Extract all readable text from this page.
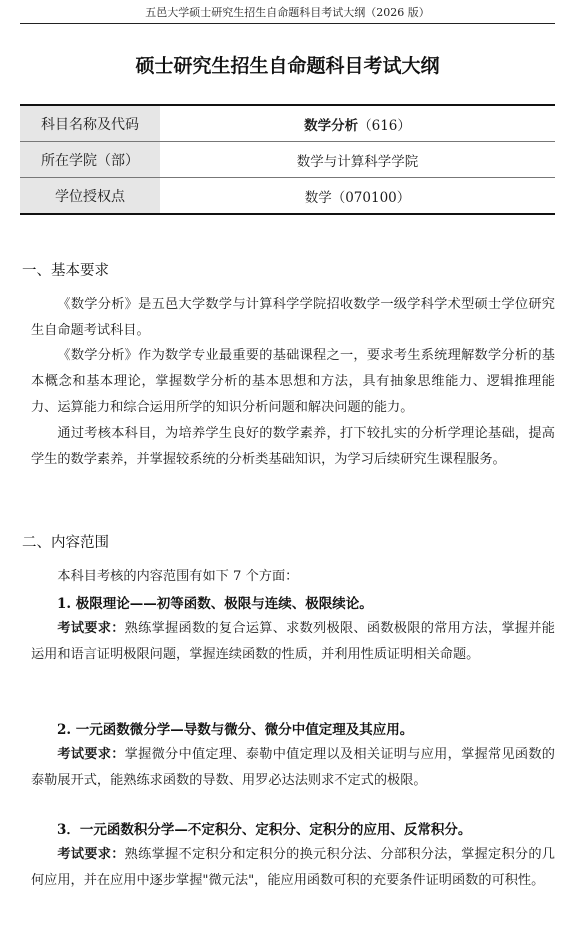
五邑大学硕士研究生招生自命题科目考试大纲（2026 版）
硕士研究生招生自命题科目考试大纲
科目名称及代码	数学分析（616）
所在学院（部）	数学与计算科学学院
学位授权点	数学（070100）
一、基本要求

《数学分析》是五邑大学数学与计算科学学院招收数学一级学科学术型硕士学位研究生自命题考试科目。

《数学分析》作为数学专业最重要的基础课程之一，要求考生系统理解数学分析的基本概念和基本理论，掌握数学分析的基本思想和方法，具有抽象思维能力、逻辑推理能力、运算能力和综合运用所学的知识分析问题和解决问题的能力。

通过考核本科目，为培养学生良好的数学素养，打下较扎实的分析学理论基础，提高学生的数学素养，并掌握较系统的分析类基础知识，为学习后续研究生课程服务。

二、内容范围

本科目考核的内容范围有如下 7 个方面：

1. 极限理论——初等函数、极限与连续、极限续论。

考试要求：熟练掌握函数的复合运算、求数列极限、函数极限的常用方法，掌握并能运用和语言证明极限问题，掌握连续函数的性质，并利用性质证明相关命题。

2. 一元函数微分学—导数与微分、微分中值定理及其应用。

考试要求：掌握微分中值定理、泰勒中值定理以及相关证明与应用，掌握常见函数的泰勒展开式，能熟练求函数的导数、用罗必达法则求不定式的极限。

3．一元函数积分学—不定积分、定积分、定积分的应用、反常积分。

考试要求：熟练掌握不定积分和定积分的换元积分法、分部积分法，掌握定积分的几何应用，并在应用中逐步掌握"微元法"，能应用函数可积的充要条件证明函数的可积性。
